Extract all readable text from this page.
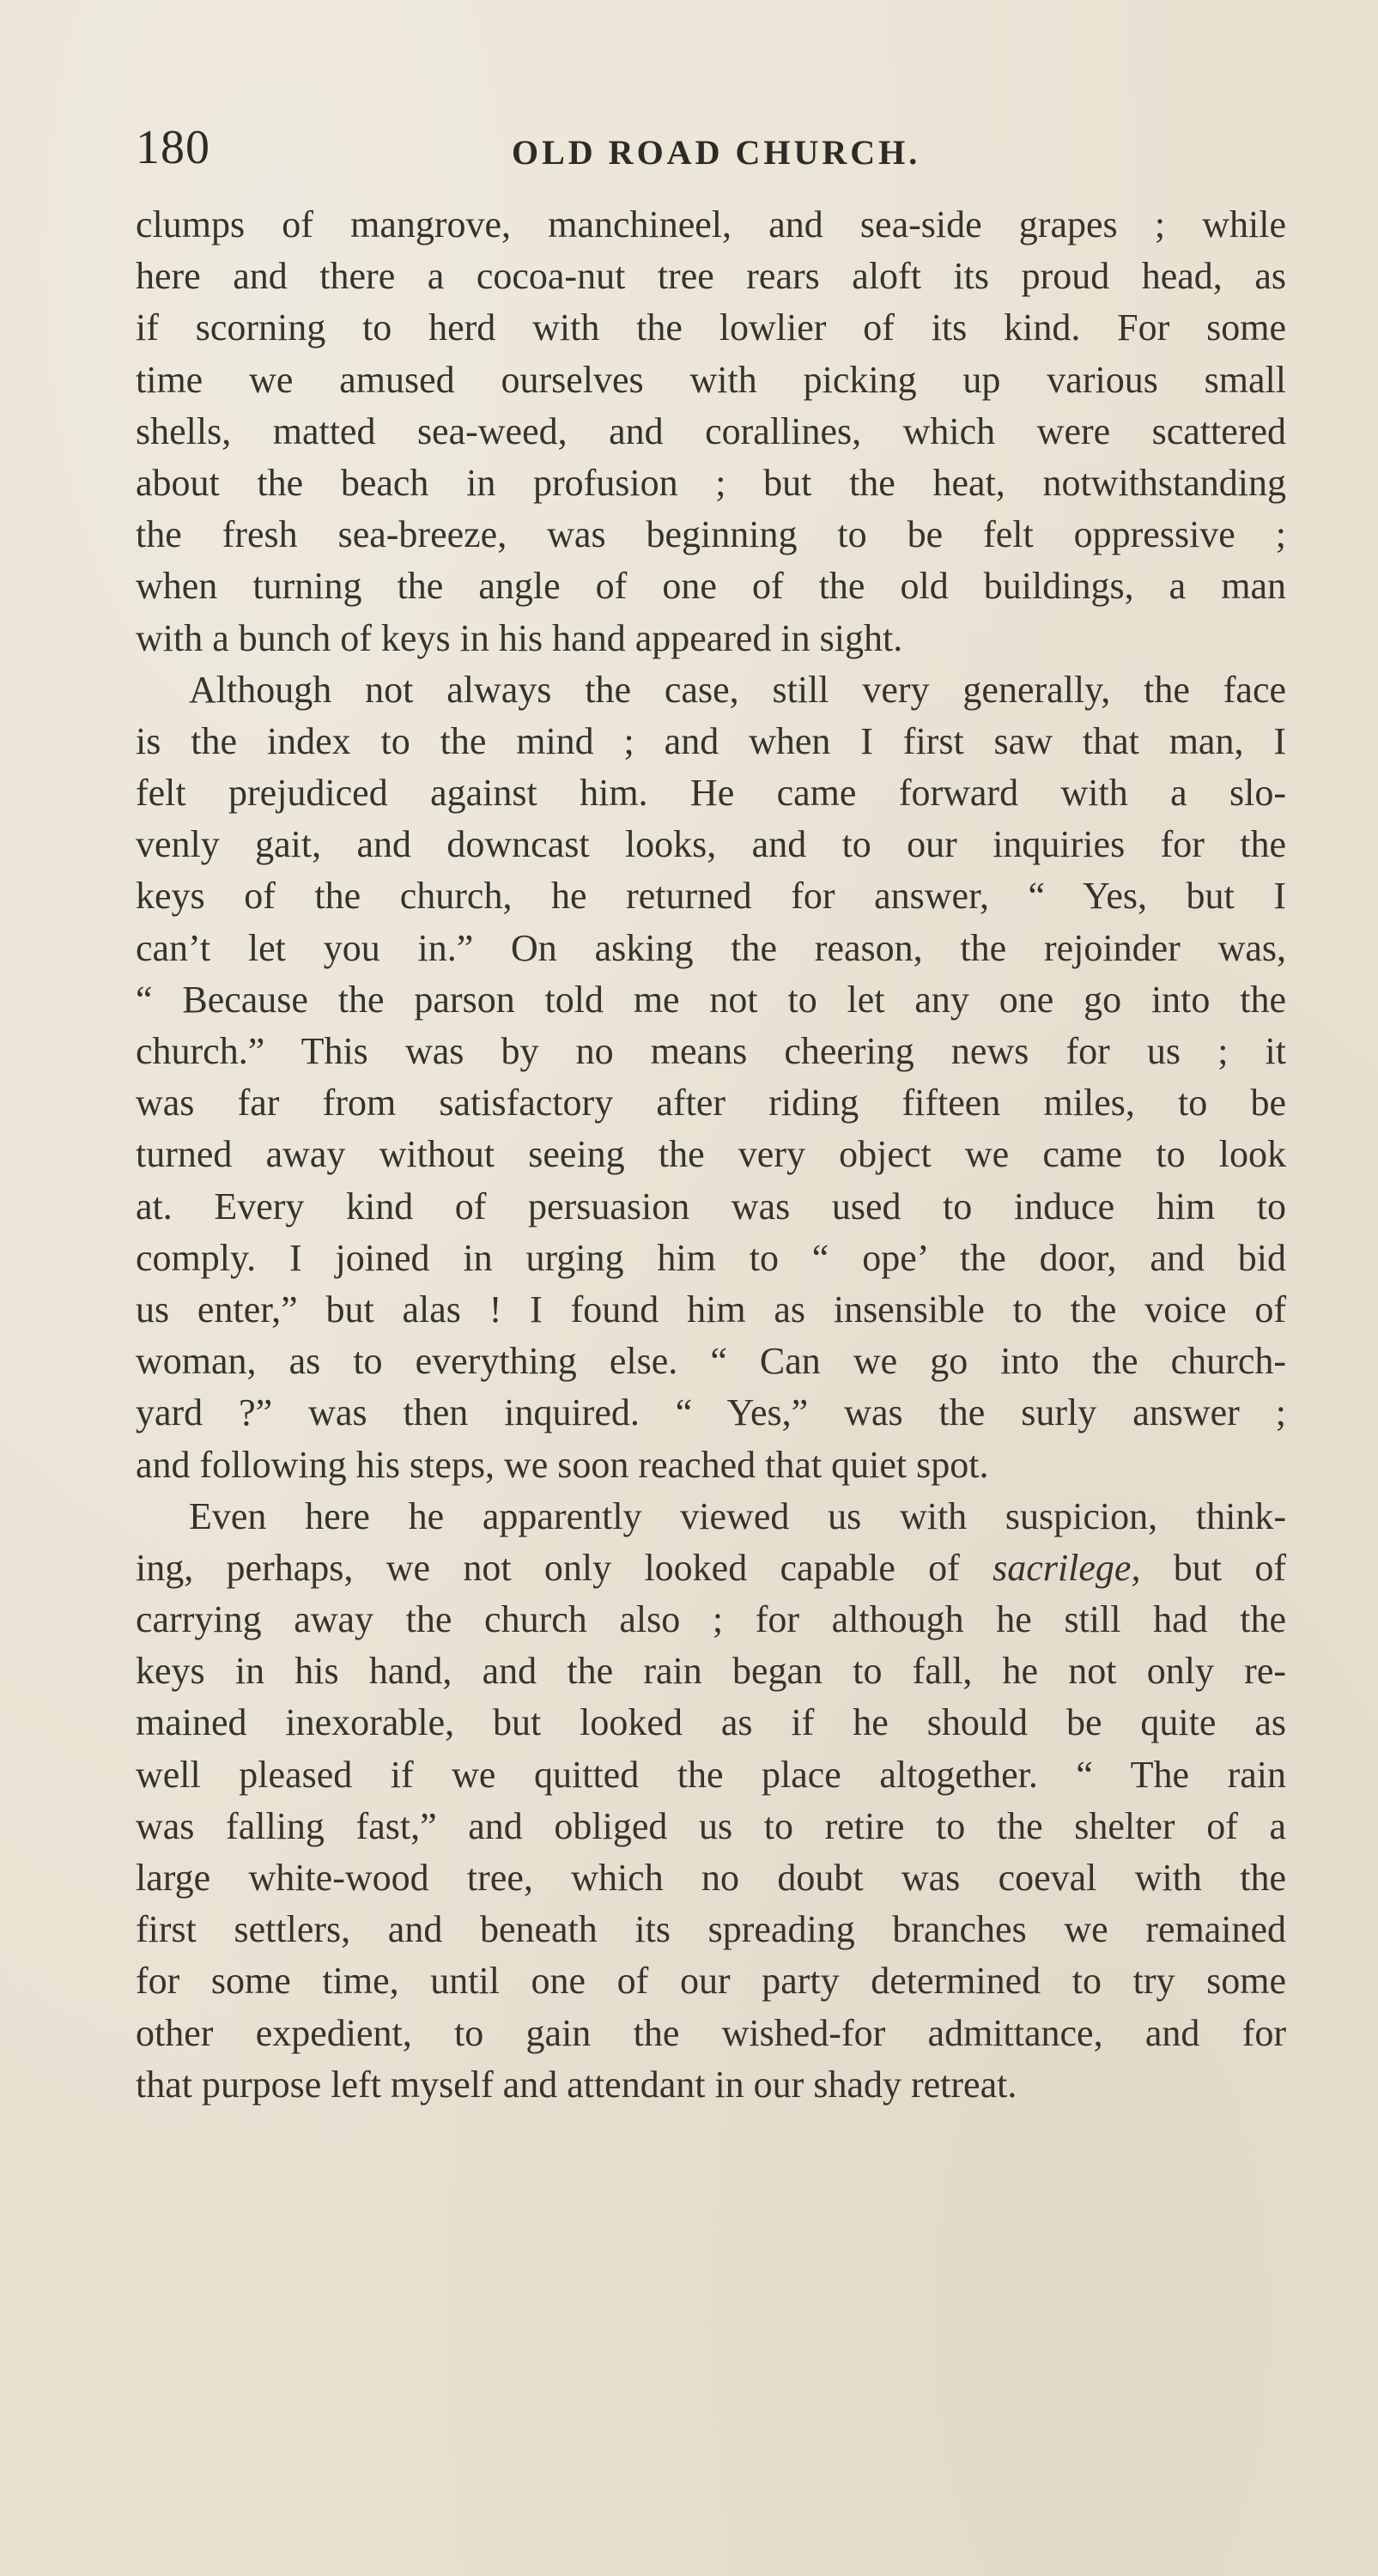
180	OLD ROAD CHURCH.
clumps of mangrove, manchineel, and sea-side grapes ; while
here and there a cocoa-nut tree rears aloft its proud head, as
if scorning to herd with the lowlier of its kind. For some
time we amused ourselves with picking up various small
shells, matted sea-weed, and corallines, which were scattered
about the beach in profusion ; but the heat, notwithstanding
the fresh sea-breeze, was beginning to be felt oppressive ;
when turning the angle of one of the old buildings, a man
with a bunch of keys in his hand appeared in sight.
Although not always the case, still very generally, the face
is the index to the mind ; and when I first saw that man, I
felt prejudiced against him. He came forward with a slo-
venly gait, and downcast looks, and to our inquiries for the
keys of the church, he returned for answer, “ Yes, but I
can’t let you in.” On asking the reason, the rejoinder was,
“ Because the parson told me not to let any one go into the
church.” This was by no means cheering news for us ; it
was far from satisfactory after riding fifteen miles, to be
turned away without seeing the very object we came to look
at. Every kind of persuasion was used to induce him to
comply. I joined in urging him to “ ope’ the door, and bid
us enter,” but alas ! I found him as insensible to the voice of
woman, as to everything else. “ Can we go into the church-
yard ?” was then inquired. “ Yes,” was the surly answer ;
and following his steps, we soon reached that quiet spot.
Even here he apparently viewed us with suspicion, think-
ing, perhaps, we not only looked capable of sacrilege, but of
carrying away the church also ; for although he still had the
keys in his hand, and the rain began to fall, he not only re-
mained inexorable, but looked as if he should be quite as
well pleased if we quitted the place altogether. “ The rain
was falling fast,” and obliged us to retire to the shelter of a
large white-wood tree, which no doubt was coeval with the
first settlers, and beneath its spreading branches we remained
for some time, until one of our party determined to try some
other expedient, to gain the wished-for admittance, and for
that purpose left myself and attendant in our shady retreat.
